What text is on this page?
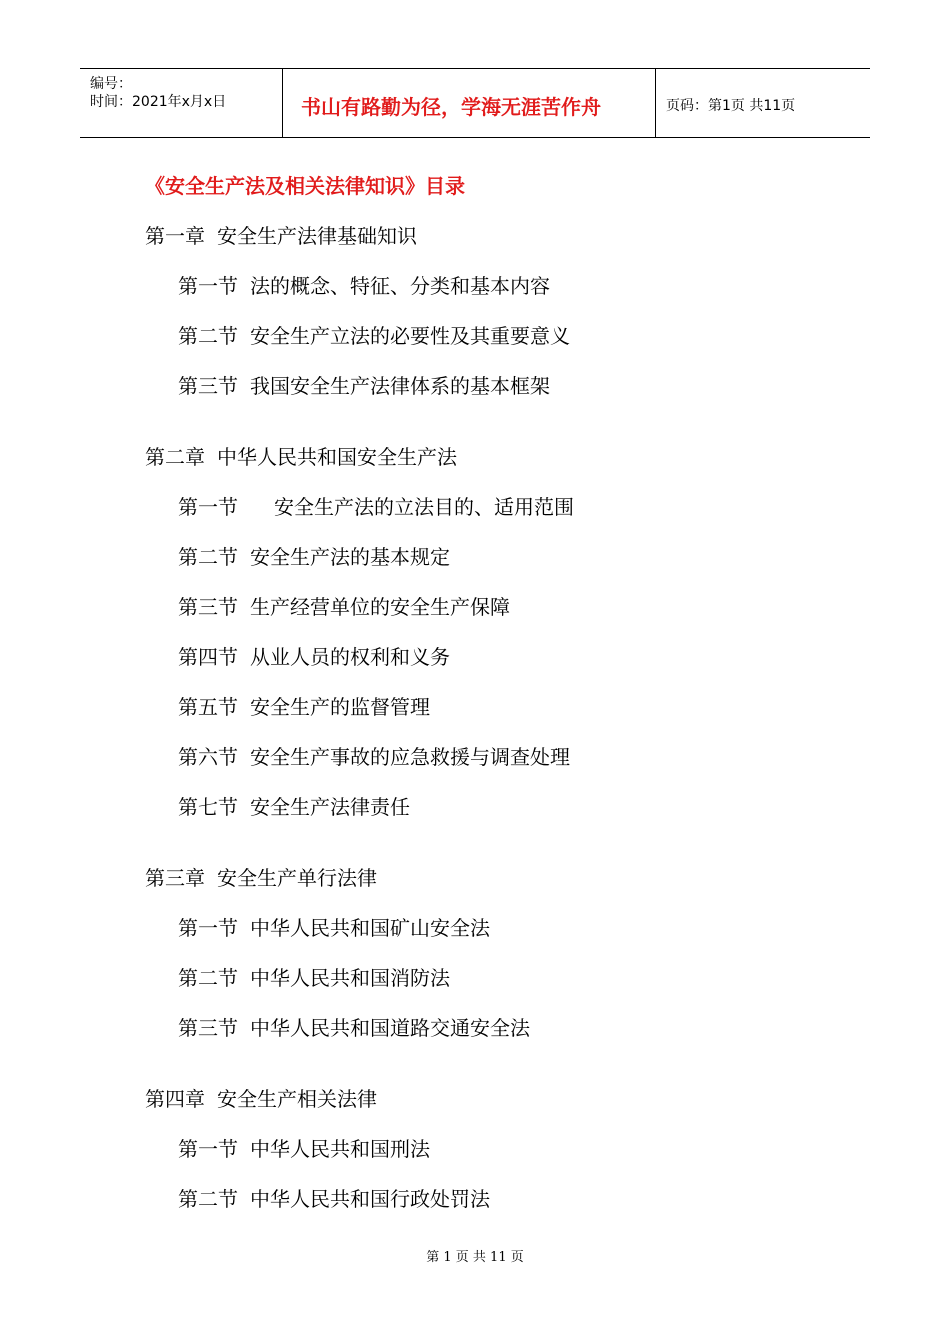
编号：
时间：2021年x月x日	书山有路勤为径，学海无涯苦作舟	页码：第1页 共11页
《安全生产法及相关法律知识》目录
第一章 安全生产法律基础知识
第一节 法的概念、特征、分类和基本内容
第二节 安全生产立法的必要性及其重要意义
第三节 我国安全生产法律体系的基本框架
第二章 中华人民共和国安全生产法
第一节 安全生产法的立法目的、适用范围
第二节 安全生产法的基本规定
第三节 生产经营单位的安全生产保障
第四节 从业人员的权利和义务
第五节 安全生产的监督管理
第六节 安全生产事故的应急救援与调查处理
第七节 安全生产法律责任
第三章 安全生产单行法律
第一节 中华人民共和国矿山安全法
第二节 中华人民共和国消防法
第三节 中华人民共和国道路交通安全法
第四章 安全生产相关法律
第一节 中华人民共和国刑法
第二节 中华人民共和国行政处罚法
第 1 页 共 11 页
